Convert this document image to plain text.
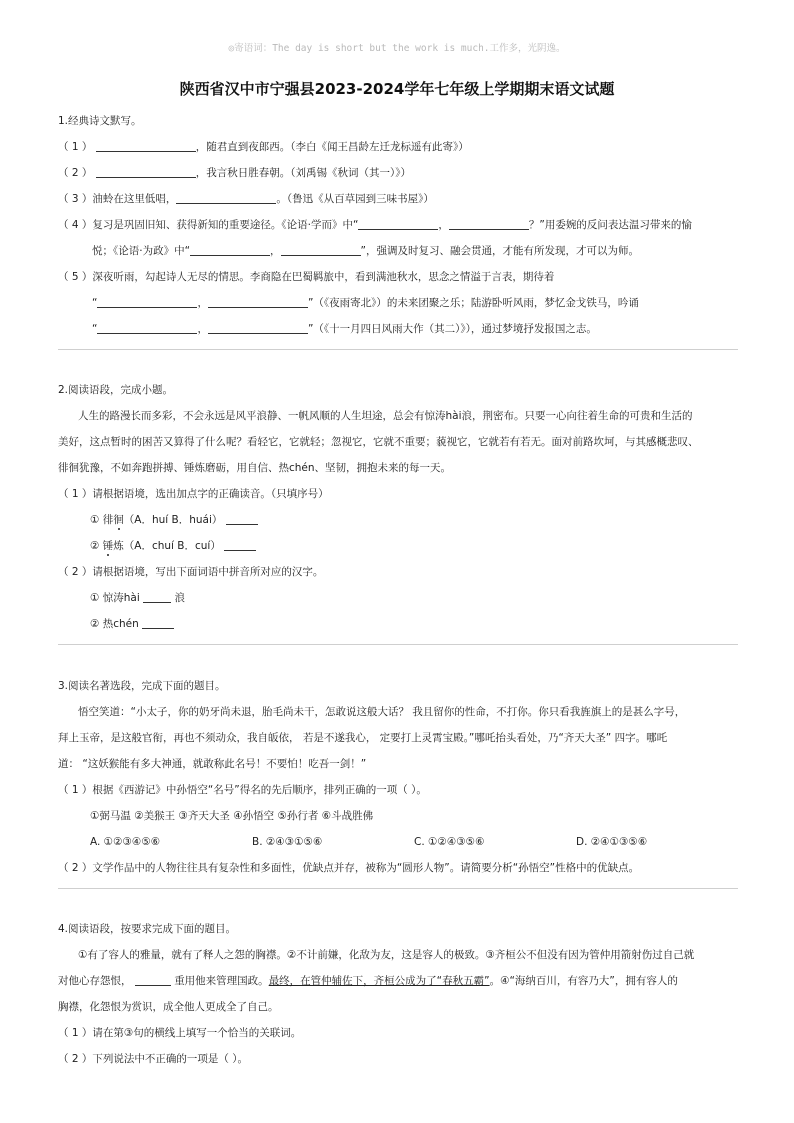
◎寄语词：The day is short but the work is much.工作多，光阴逸。
陕西省汉中市宁强县2023-2024学年七年级上学期期末语文试题
1.经典诗文默写。
（ 1 ）	，随君直到夜郎西。（李白《闻王昌龄左迁龙标遥有此寄》）
（ 2 ）	，我言秋日胜春朝。（刘禹锡《秋词（其一）》）
（ 3 ）油蛉在这里低唱，	。（鲁迅《从百草园到三味书屋》）
（ 4 ）复习是巩固旧知、获得新知的重要途径。《论语·学而》中“	，	？”用委婉的反问表达温习带来的愉
悦；《论语·为政》中“	，	”，强调及时复习、融会贯通，才能有所发现，才可以为师。
（ 5 ）深夜听雨，勾起诗人无尽的情思。李商隐在巴蜀羁旅中，看到满池秋水，思念之情溢于言表，期待着
“	，	”（《夜雨寄北》）的未来团聚之乐；陆游卧听风雨，梦忆金戈铁马，吟诵
“	，	”（《十一月四日风雨大作（其二）》），通过梦境抒发报国之志。
2.阅读语段，完成小题。
人生的路漫长而多彩，不会永远是风平浪静、一帆风顺的人生坦途，总会有惊涛hài浪，荆密布。只要一心向往着生命的可贵和生活的
美好，这点暂时的困苦又算得了什么呢？看轻它，它就轻；忽视它，它就不重要；藐视它，它就若有若无。面对前路坎坷，与其感概悲叹、
徘徊犹豫，不如奔跑拼搏、锤炼磨砺，用自信、热chén、坚韧，拥抱未来的每一天。
（ 1 ）请根据语境，选出加点字的正确读音。（只填序号）
① 徘徊（A．huí B．huái）
② 锤炼（A．chuí B．cuí）
（ 2 ）请根据语境，写出下面词语中拼音所对应的汉字。
① 惊涛hài	浪
② 热chén
3.阅读名著选段，完成下面的题目。
悟空笑道：“小太子，你的奶牙尚未退，胎毛尚未干，怎敢说这般大话？ 我且留你的性命，不打你。你只看我旌旗上的是甚么字号，
拜上玉帝，是这般官衔，再也不须动众，我自皈依， 若是不遂我心， 定要打上灵霄宝殿。”哪吒抬头看处，乃“齐天大圣” 四字。哪吒
道： “这妖猴能有多大神通，就敢称此名号！不要怕！吃吾一剑！”
（ 1 ）根据《西游记》中孙悟空“名号”得名的先后顺序，排列正确的一项（ ）。
①弼马温 ②美猴王 ③齐天大圣 ④孙悟空 ⑤孙行者 ⑥斗战胜佛
A. ①②③④⑤⑥	B. ②④③①⑤⑥	C. ①②④③⑤⑥	D. ②④①③⑤⑥
（ 2 ）文学作品中的人物往往具有复杂性和多面性，优缺点并存，被称为“圆形人物”。请简要分析“孙悟空”性格中的优缺点。
4.阅读语段，按要求完成下面的题目。
①有了容人的雅量，就有了释人之怨的胸襟。②不计前嫌，化敌为友，这是容人的极致。③齐桓公不但没有因为管仲用箭射伤过自己就
对他心存怨恨，	重用他来管理国政。最终，在管仲辅佐下，齐桓公成为了“春秋五霸”。④“海纳百川，有容乃大”，拥有容人的
胸襟，化怨恨为赏识，成全他人更成全了自己。
（ 1 ）请在第③句的横线上填写一个恰当的关联词。
（ 2 ）下列说法中不正确的一项是（ ）。
